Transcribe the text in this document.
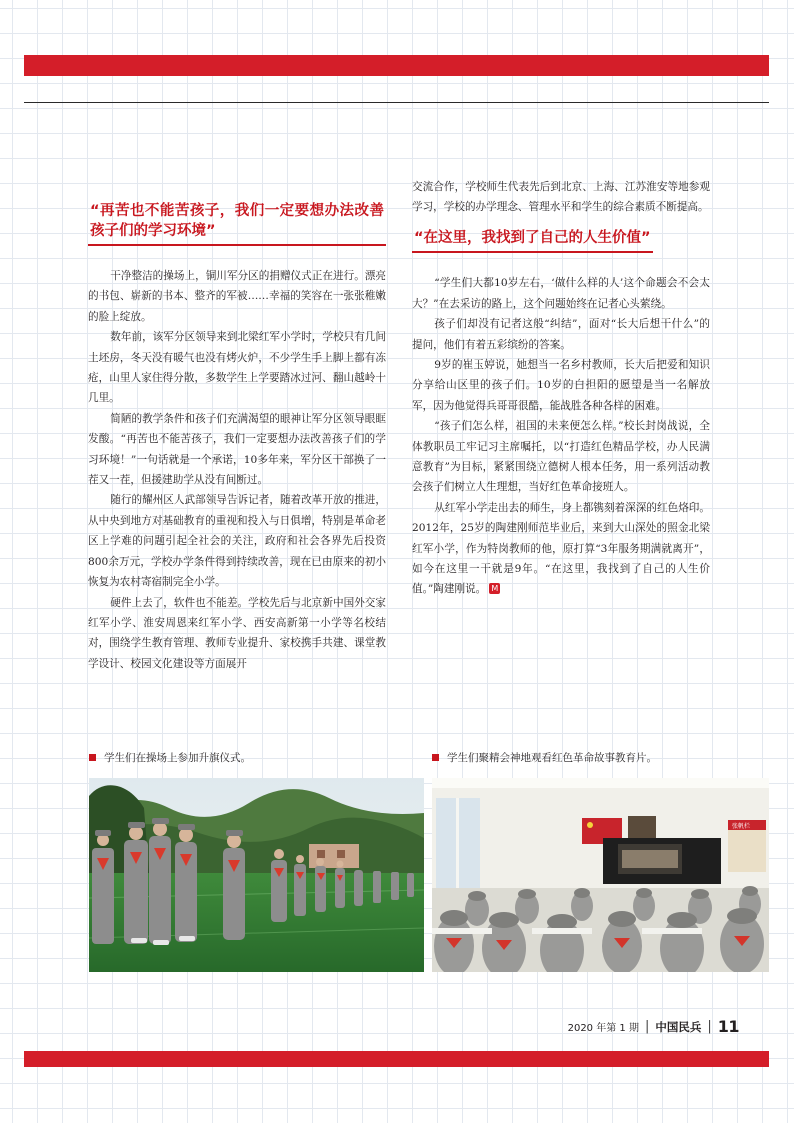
“再苦也不能苦孩子，我们一定要想办法改善孩子们的学习环境”

干净整洁的操场上，铜川军分区的捐赠仪式正在进行。漂亮的书包、崭新的书本、整齐的军被……幸福的笑容在一张张稚嫩的脸上绽放。

数年前，该军分区领导来到北梁红军小学时，学校只有几间土坯房，冬天没有暖气也没有烤火炉，不少学生手上脚上都有冻疮，山里人家住得分散，多数学生上学要踏冰过河、翻山越岭十几里。

简陋的教学条件和孩子们充满渴望的眼神让军分区领导眼眶发酸。“再苦也不能苦孩子，我们一定要想办法改善孩子们的学习环境！”一句话就是一个承诺，10多年来，军分区干部换了一茬又一茬，但援建助学从没有间断过。

随行的耀州区人武部领导告诉记者，随着改革开放的推进，从中央到地方对基础教育的重视和投入与日俱增，特别是革命老区上学难的问题引起全社会的关注，政府和社会各界先后投资800余万元，学校办学条件得到持续改善，现在已由原来的初小恢复为农村寄宿制完全小学。

硬件上去了，软件也不能差。学校先后与北京新中国外交家红军小学、淮安周恩来红军小学、西安高新第一小学等名校结对，围绕学生教育管理、教师专业提升、家校携手共建、课堂教学设计、校园文化建设等方面展开

交流合作，学校师生代表先后到北京、上海、江苏淮安等地参观学习，学校的办学理念、管理水平和学生的综合素质不断提高。

“在这里，我找到了自己的人生价值”

“学生们大都10岁左右，‘做什么样的人’这个命题会不会太大？”在去采访的路上，这个问题始终在记者心头萦绕。

孩子们却没有记者这般“纠结”，面对“长大后想干什么”的提问，他们有着五彩缤纷的答案。

9岁的崔玉婷说，她想当一名乡村教师，长大后把爱和知识分享给山区里的孩子们。10岁的白担阳的愿望是当一名解放军，因为他觉得兵哥哥很酷，能战胜各种各样的困难。

“孩子们怎么样，祖国的未来便怎么样。”校长封岗战说，全体教职员工牢记习主席嘱托，以“打造红色精品学校，办人民满意教育”为目标，紧紧围绕立德树人根本任务，用一系列活动教会孩子们树立人生理想，当好红色革命接班人。

从红军小学走出去的师生，身上都镌刻着深深的红色烙印。2012年，25岁的陶建刚师范毕业后，来到大山深处的照金北梁红军小学，作为特岗教师的他，原打算“3年服务期满就离开”，如今在这里一干就是9年。“在这里，我找到了自己的人生价值。”陶建刚说。 M

学生们在操场上参加升旗仪式。	学生们聚精会神地观看红色革命故事教育片。
张帆栏
2020 年第 1 期 | 中国民兵 | 11
